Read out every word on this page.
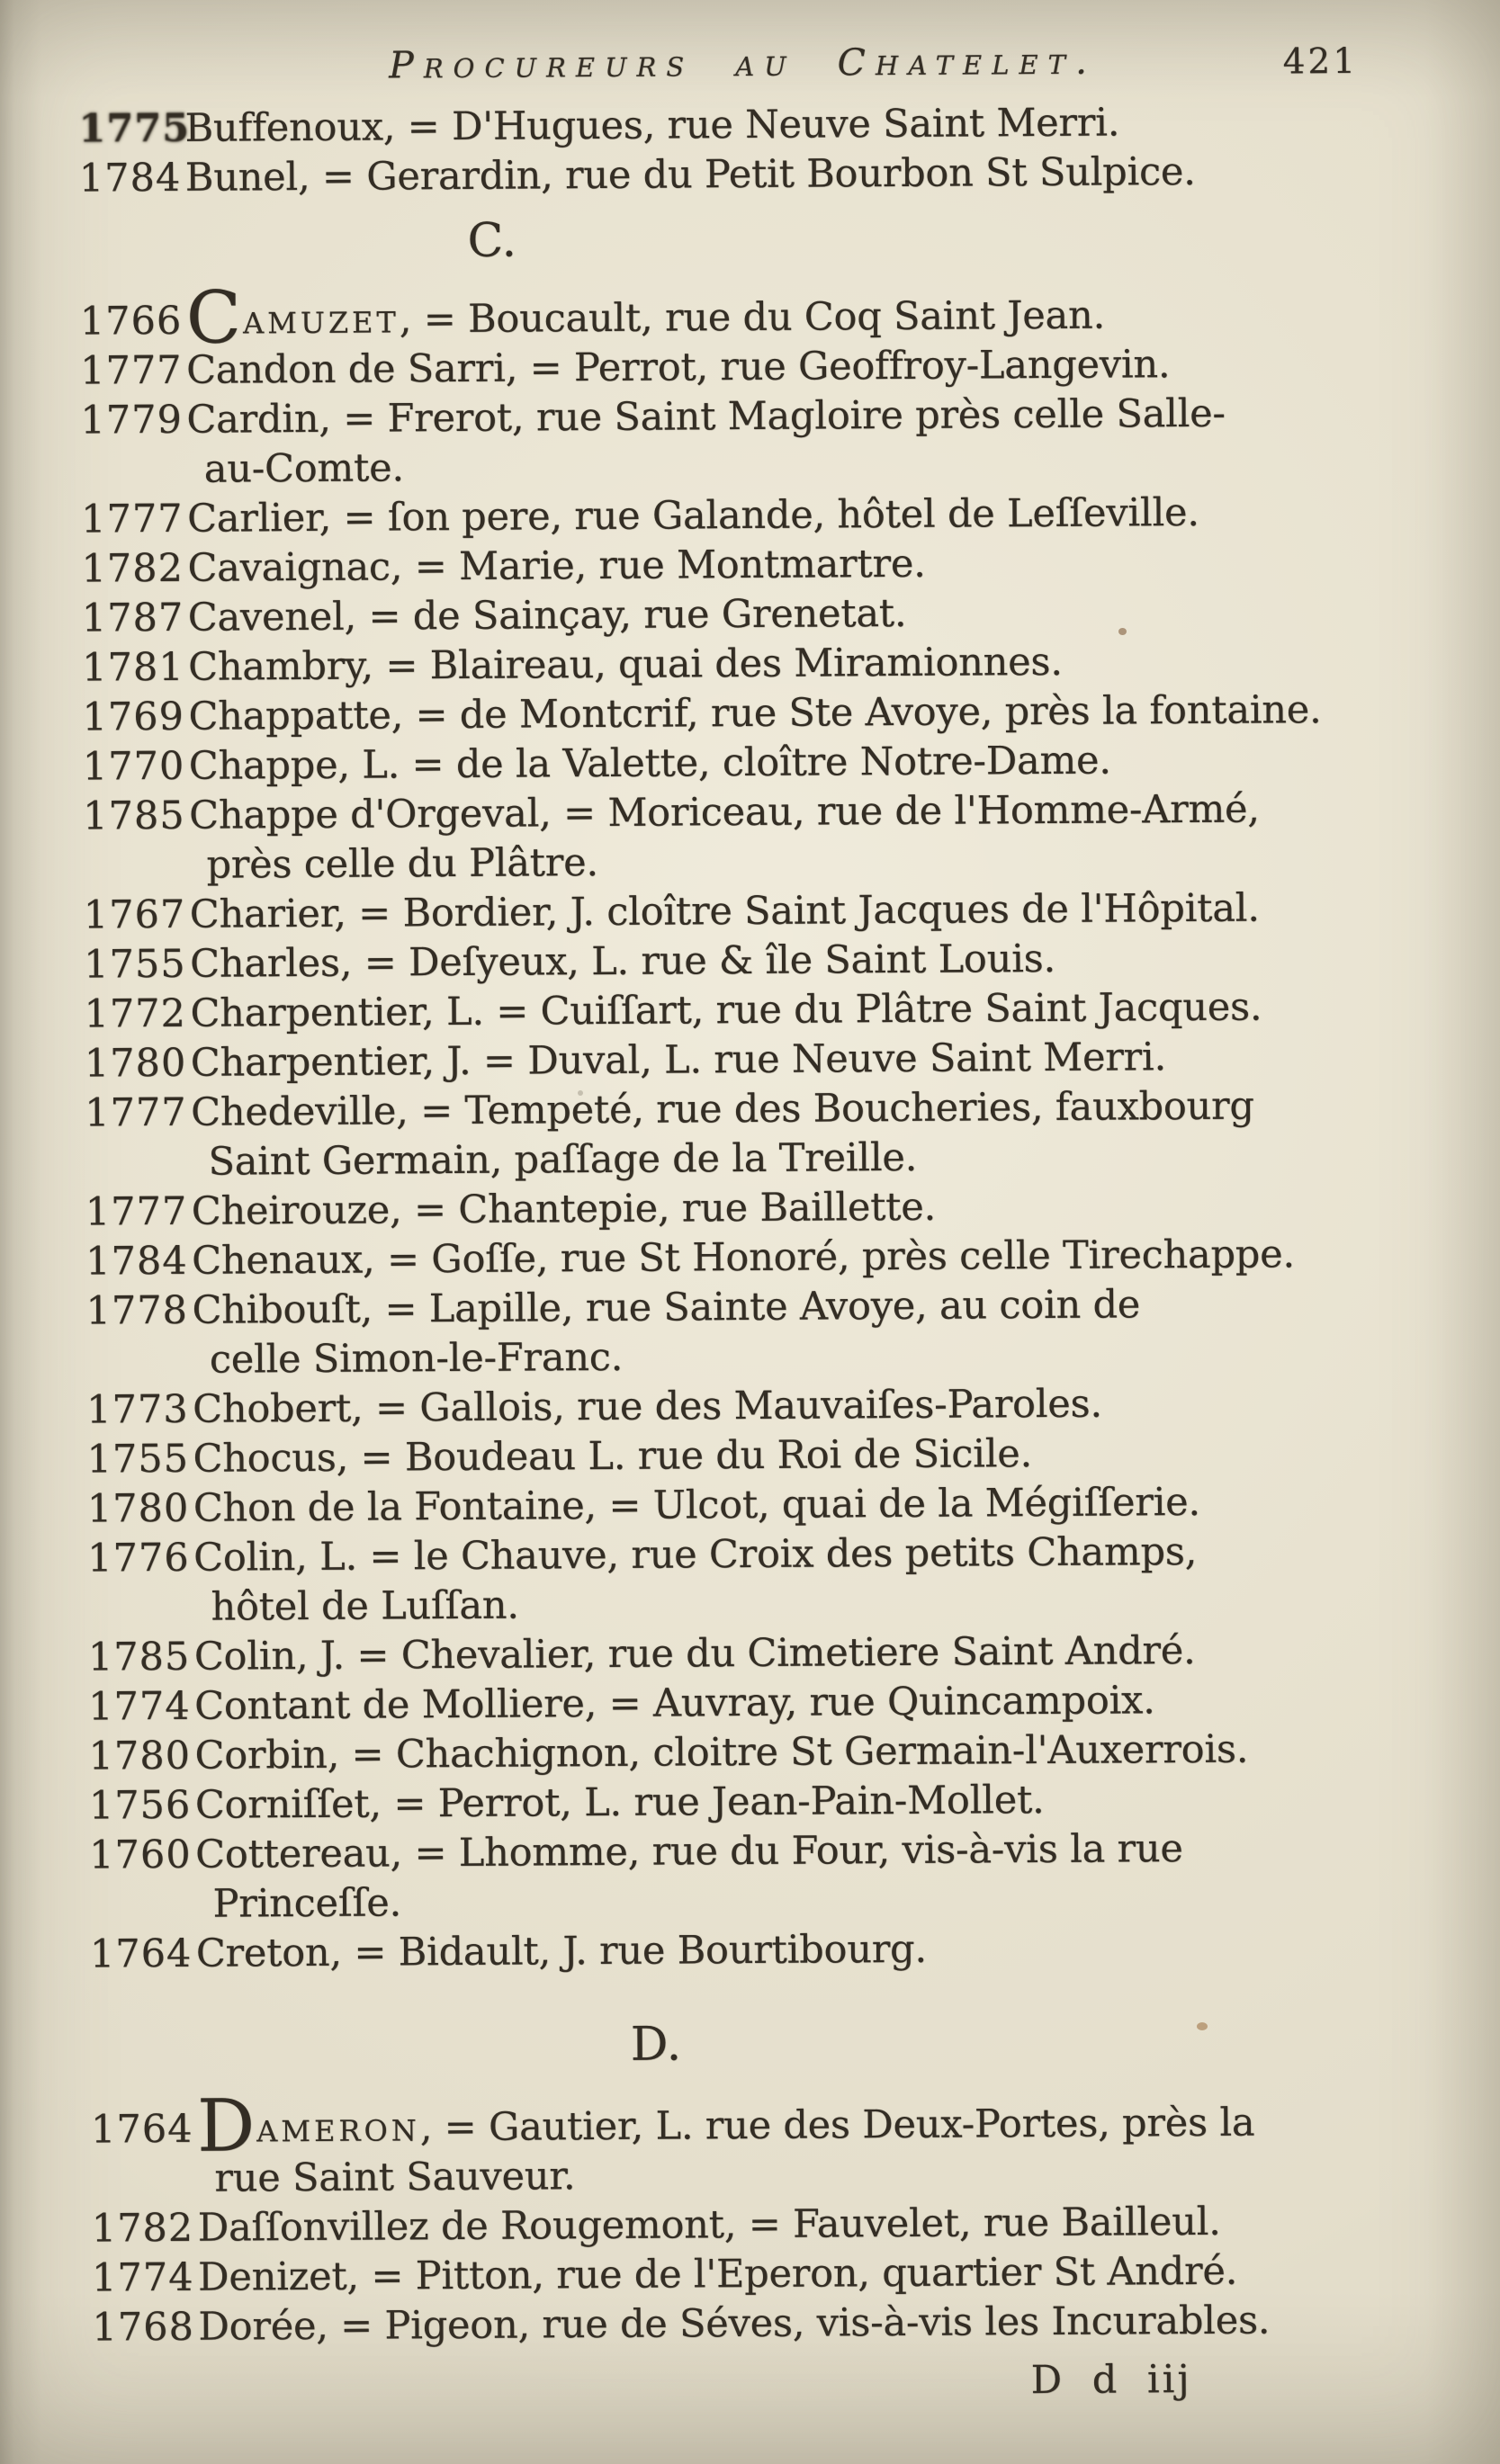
Procureurs au Chatelet.	421
1775Buffenoux, = D'Hugues, rue Neuve Saint Merri.
1784Bunel, = Gerardin, rue du Petit Bourbon St Sulpice.
C.
1766Camuzet, = Boucault, rue du Coq Saint Jean.
1777Candon de Sarri, = Perrot, rue Geoffroy-Langevin.
1779Cardin, = Frerot, rue Saint Magloire près celle Salle-
au-Comte.
1777Carlier, = ſon pere, rue Galande, hôtel de Leſſeville.
1782Cavaignac, = Marie, rue Montmartre.
1787Cavenel, = de Sainçay, rue Grenetat.
1781Chambry, = Blaireau, quai des Miramionnes.
1769Chappatte, = de Montcrif, rue Ste Avoye, près la fontaine.
1770Chappe, L. = de la Valette, cloître Notre-Dame.
1785Chappe d'Orgeval, = Moriceau, rue de l'Homme-Armé,
près celle du Plâtre.
1767Charier, = Bordier, J. cloître Saint Jacques de l'Hôpital.
1755Charles, = Deſyeux, L. rue & île Saint Louis.
1772Charpentier, L. = Cuiſſart, rue du Plâtre Saint Jacques.
1780Charpentier, J. = Duval, L. rue Neuve Saint Merri.
1777Chedeville, = Tempeté, rue des Boucheries, fauxbourg
Saint Germain, paſſage de la Treille.
1777Cheirouze, = Chantepie, rue Baillette.
1784Chenaux, = Goſſe, rue St Honoré, près celle Tirechappe.
1778Chibouſt, = Lapille, rue Sainte Avoye, au coin de
celle Simon-le-Franc.
1773Chobert, = Gallois, rue des Mauvaiſes-Paroles.
1755Chocus, = Boudeau L. rue du Roi de Sicile.
1780Chon de la Fontaine, = Ulcot, quai de la Mégiſſerie.
1776Colin, L. = le Chauve, rue Croix des petits Champs,
hôtel de Luſſan.
1785Colin, J. = Chevalier, rue du Cimetiere Saint André.
1774Contant de Molliere, = Auvray, rue Quincampoix.
1780Corbin, = Chachignon, cloitre St Germain-l'Auxerrois.
1756Corniſſet, = Perrot, L. rue Jean-Pain-Mollet.
1760Cottereau, = Lhomme, rue du Four, vis-à-vis la rue
Princeſſe.
1764Creton, = Bidault, J. rue Bourtibourg.
D.
1764Dameron, = Gautier, L. rue des Deux-Portes, près la
rue Saint Sauveur.
1782Daſſonvillez de Rougemont, = Fauvelet, rue Bailleul.
1774Denizet, = Pitton, rue de l'Eperon, quartier St André.
1768Dorée, = Pigeon, rue de Séves, vis-à-vis les Incurables.
D d iij
